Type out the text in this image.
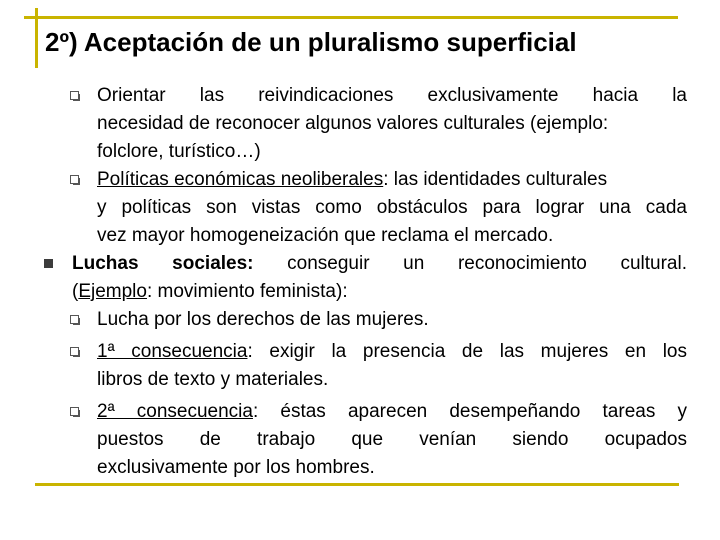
2º) Aceptación de un pluralismo superficial
Orientar las reivindicaciones exclusivamente hacia la
necesidad de reconocer algunos valores culturales (ejemplo:
folclore, turístico…)
Políticas económicas neoliberales: las identidades culturales
y políticas son vistas como obstáculos para lograr una cada
vez mayor homogeneización que reclama el mercado.
Luchas sociales: conseguir un reconocimiento cultural.
(Ejemplo: movimiento feminista):
Lucha por los derechos de las mujeres.
1ª consecuencia: exigir la presencia de las mujeres en los
libros de texto y materiales.
2ª consecuencia: éstas aparecen desempeñando tareas y
puestos de trabajo que venían siendo ocupados
exclusivamente por los hombres.
